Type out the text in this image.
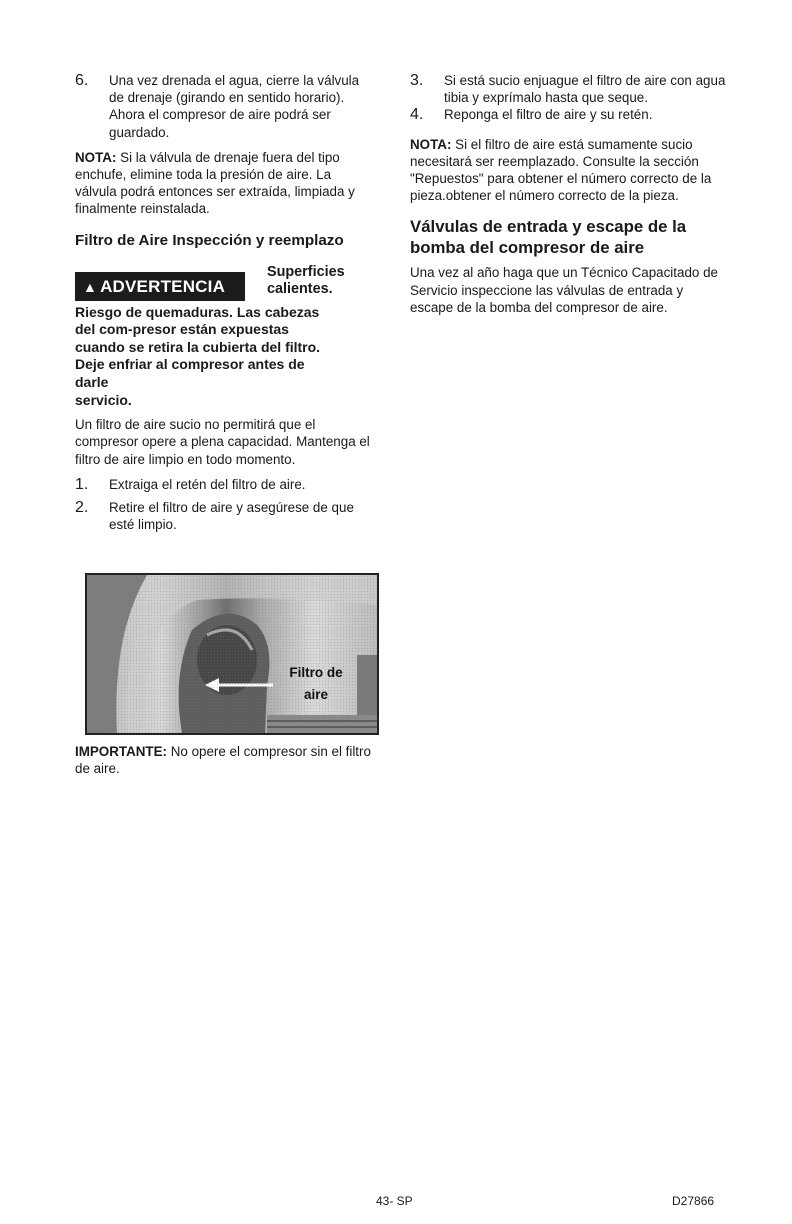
6. Una vez drenada el agua, cierre la válvula de drenaje (girando en sentido horario). Ahora el compresor de aire podrá ser guardado.

NOTA: Si la válvula de drenaje fuera del tipo enchufe, elimine toda la presión de aire. La válvula podrá entonces ser extraída, limpiada y finalmente reinstalada.

Filtro de Aire Inspección y reemplazo
▲ ADVERTENCIA
Superficies
calientes.
Riesgo de quemaduras. Las cabezas
del com-presor están expuestas
cuando se retira la cubierta del filtro.
Deje enfriar al compresor antes de
darle
servicio.

Un filtro de aire sucio no permitirá que el compresor opere a plena capacidad. Mantenga el filtro de aire limpio en todo momento.

1. Extraiga el retén del filtro de aire.

2. Retire el filtro de aire y asegúrese de que esté limpio.

Filtro de
aire

IMPORTANTE: No opere el compresor sin el filtro de aire.

3. Si está sucio enjuague el filtro de aire con agua tibia y exprímalo hasta que seque.

4. Reponga el filtro de aire y su retén.

NOTA: Si el filtro de aire está sumamente sucio necesitará ser reemplazado. Consulte la sección "Repuestos" para obtener el número correcto de la pieza.obtener el número correcto de la pieza.

Válvulas de entrada y escape de la bomba del compresor de aire

Una vez al año haga que un Técnico Capacitado de Servicio inspeccione las válvulas de entrada y escape de la bomba del compresor de aire.

43- SP	D27866
